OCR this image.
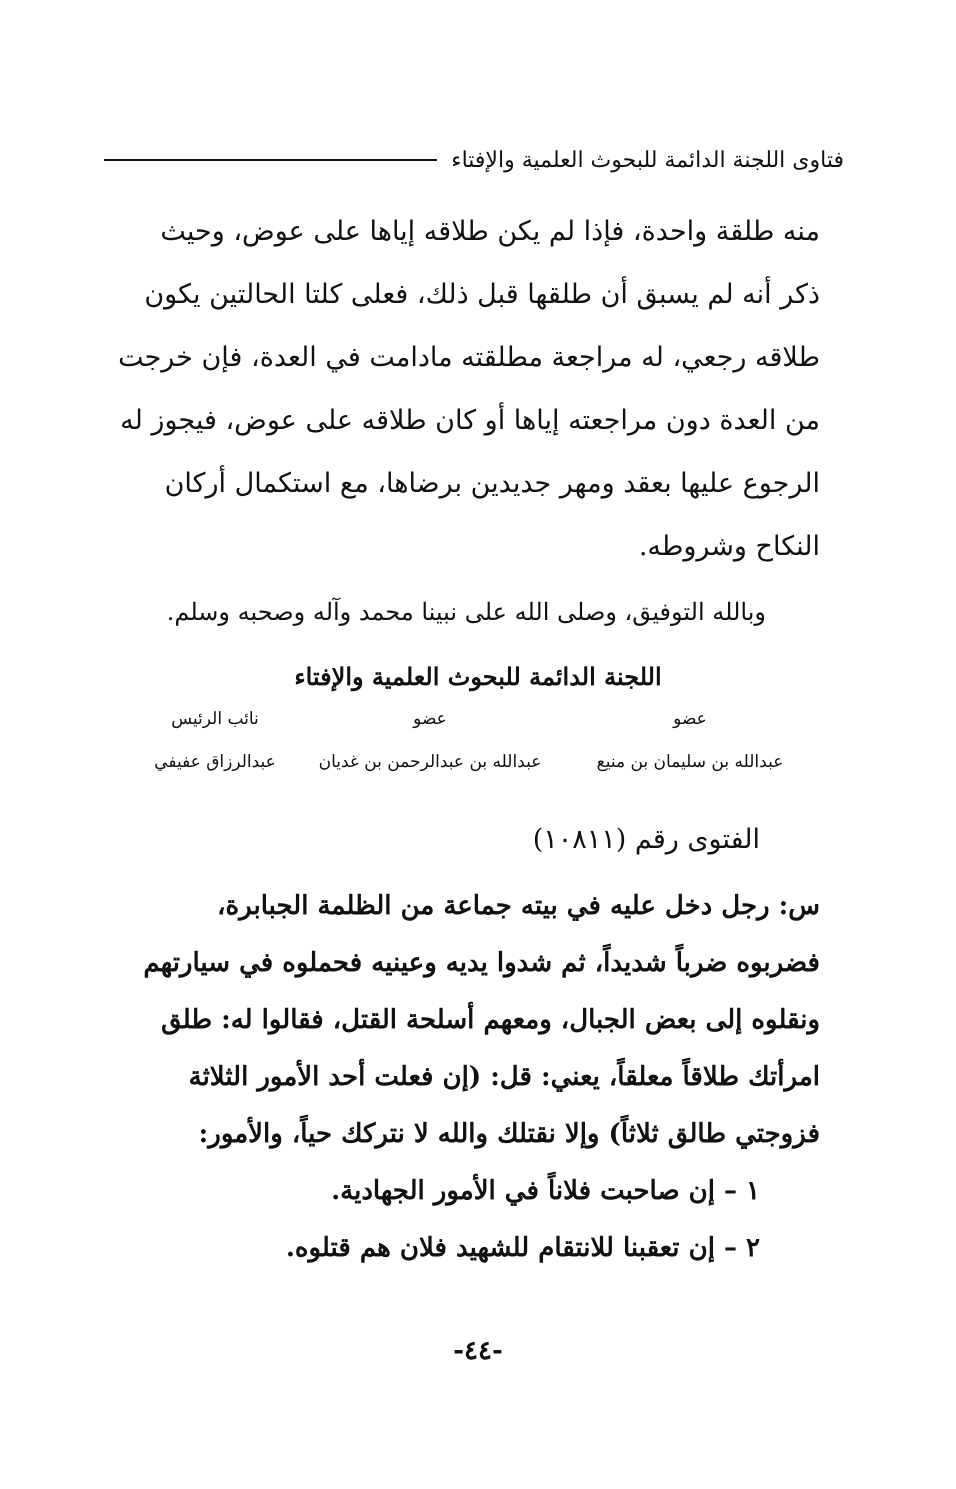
فتاوى اللجنة الدائمة للبحوث العلمية والإفتاء
منه طلقة واحدة، فإذا لم يكن طلاقه إياها على عوض، وحيث
ذكر أنه لم يسبق أن طلقها قبل ذلك، فعلى كلتا الحالتين يكون
طلاقه رجعي، له مراجعة مطلقته مادامت في العدة، فإن خرجت
من العدة دون مراجعته إياها أو كان طلاقه على عوض، فيجوز له
الرجوع عليها بعقد ومهر جديدين برضاها، مع استكمال أركان
النكاح وشروطه.
وبالله التوفيق، وصلى الله على نبينا محمد وآله وصحبه وسلم.
اللجنة الدائمة للبحوث العلمية والإفتاء
عضو
عضو
نائب الرئيس
عبدالله بن سليمان بن منيع
عبدالله بن عبدالرحمن بن غديان
عبدالرزاق عفيفي
الفتوى رقم (١٠٨١١)
س: رجل دخل عليه في بيته جماعة من الظلمة الجبابرة،
فضربوه ضرباً شديداً، ثم شدوا يديه وعينيه فحملوه في سيارتهم
ونقلوه إلى بعض الجبال، ومعهم أسلحة القتل، فقالوا له: طلق
امرأتك طلاقاً معلقاً، يعني: قل: (إن فعلت أحد الأمور الثلاثة
فزوجتي طالق ثلاثاً) وإلا نقتلك والله لا نتركك حياً، والأمور:
١ – إن صاحبت فلاناً في الأمور الجهادية.
٢ – إن تعقبنا للانتقام للشهيد فلان هم قتلوه.
-٤٤-
